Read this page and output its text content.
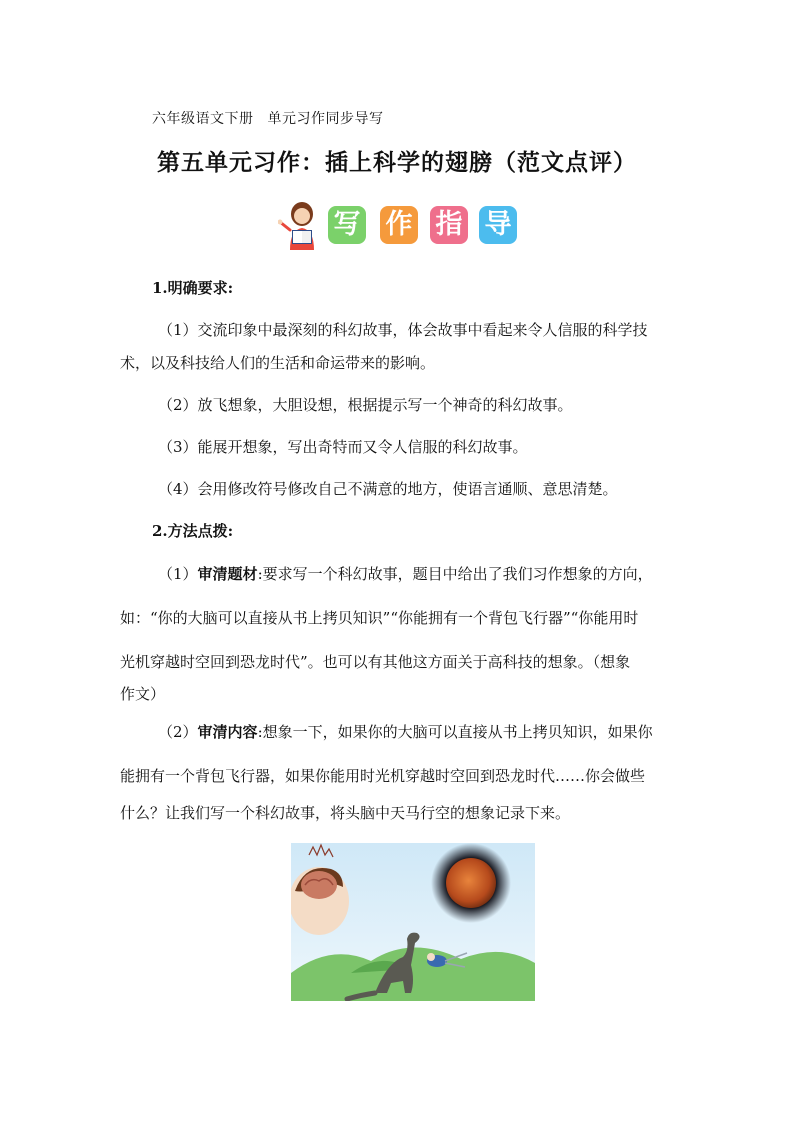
六年级语文下册 单元习作同步导写
第五单元习作：插上科学的翅膀（范文点评）
写 作 指 导
1.明确要求:
（1）交流印象中最深刻的科幻故事，体会故事中看起来令人信服的科学技
术，以及科技给人们的生活和命运带来的影响。
（2）放飞想象，大胆设想，根据提示写一个神奇的科幻故事。
（3）能展开想象，写出奇特而又令人信服的科幻故事。
（4）会用修改符号修改自己不满意的地方，使语言通顺、意思清楚。
2.方法点拨:
（1）审清题材:要求写一个科幻故事，题目中给出了我们习作想象的方向，
如：“你的大脑可以直接从书上拷贝知识”“你能拥有一个背包飞行器”“你能用时
光机穿越时空回到恐龙时代”。也可以有其他这方面关于高科技的想象。（想象
作文）
（2）审清内容:想象一下，如果你的大脑可以直接从书上拷贝知识，如果你
能拥有一个背包飞行器，如果你能用时光机穿越时空回到恐龙时代……你会做些
什么？让我们写一个科幻故事，将头脑中天马行空的想象记录下来。
